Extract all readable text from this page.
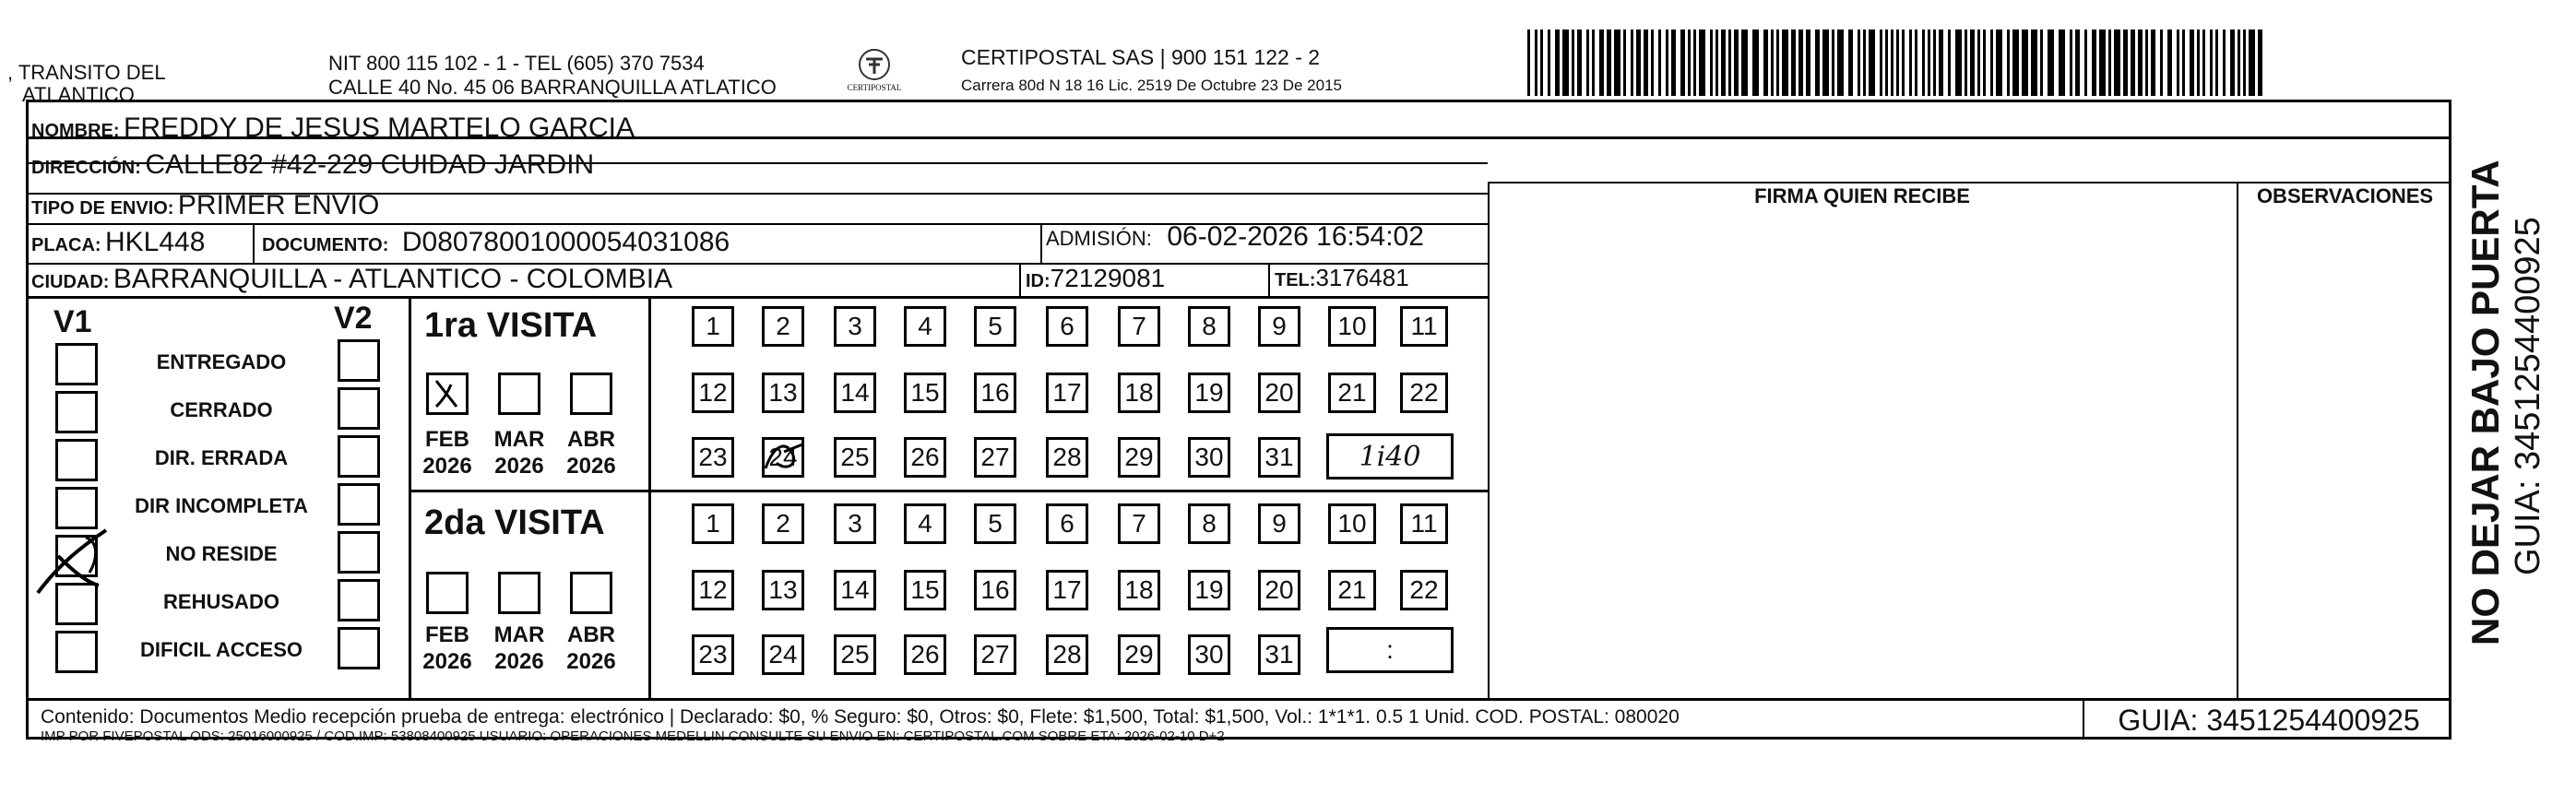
, TRANSITO DEL
ATLANTICO
NIT 800 115 102 - 1 - TEL (605) 370 7534
CALLE 40 No. 45 06 BARRANQUILLA ATLATICO	CERTIPOSTAL
CERTIPOSTAL SAS | 900 151 122 - 2
Carrera 80d N 18 16 Lic. 2519 De Octubre 23 De 2015
NOMBRE: FREDDY DE JESUS MARTELO GARCIA
DIRECCIÓN: CALLE82 #42-229 CUIDAD JARDIN
TIPO DE ENVIO: PRIMER ENVIO
PLACA: HKL448	DOCUMENTO: D08078001000054031086	ADMISIÓN: 06-02-2026 16:54:02
CIUDAD: BARRANQUILLA - ATLANTICO - COLOMBIA	ID:72129081	TEL:3176481
FIRMA QUIEN RECIBE	OBSERVACIONES
V1	V2
ENTREGADO
CERRADO
DIR. ERRADA
DIR INCOMPLETA
NO RESIDE
REHUSADO
DIFICIL ACCESO
1ra VISITA
FEB
2026
MAR
2026
ABR
2026
1	2	3	4	5	6	7	8	9	10	11
12 13 14 15 16 17 18 19 20	21	22
23 24 25 26 27 28 29 30 31	1i40
2da VISITA
FEB
2026
MAR
2026
ABR
2026
1	2	3	4	5	6	7	8	9	10	11
12 13 14 15 16 17 18 19 20	21	22
23 24 25 26 27 28 29 30 31	:
Contenido: Documentos Medio recepción prueba de entrega: electrónico | Declarado: $0, % Seguro: $0, Otros: $0, Flete: $1,500, Total: $1,500, Vol.: 1*1*1. 0.5 1 Unid. COD. POSTAL: 080020
IMP POR FIVEPOSTAL ODS: 25016000925 / COD.IMP: 53808400925 USUARIO: OPERACIONES MEDELLIN CONSULTE SU ENVIO EN: CERTIPOSTAL.COM SOBRE ETA: 2026-02-10 D+2	GUIA: 3451254400925
NO DEJAR BAJO PUERTA GUIA: 3451254400925
